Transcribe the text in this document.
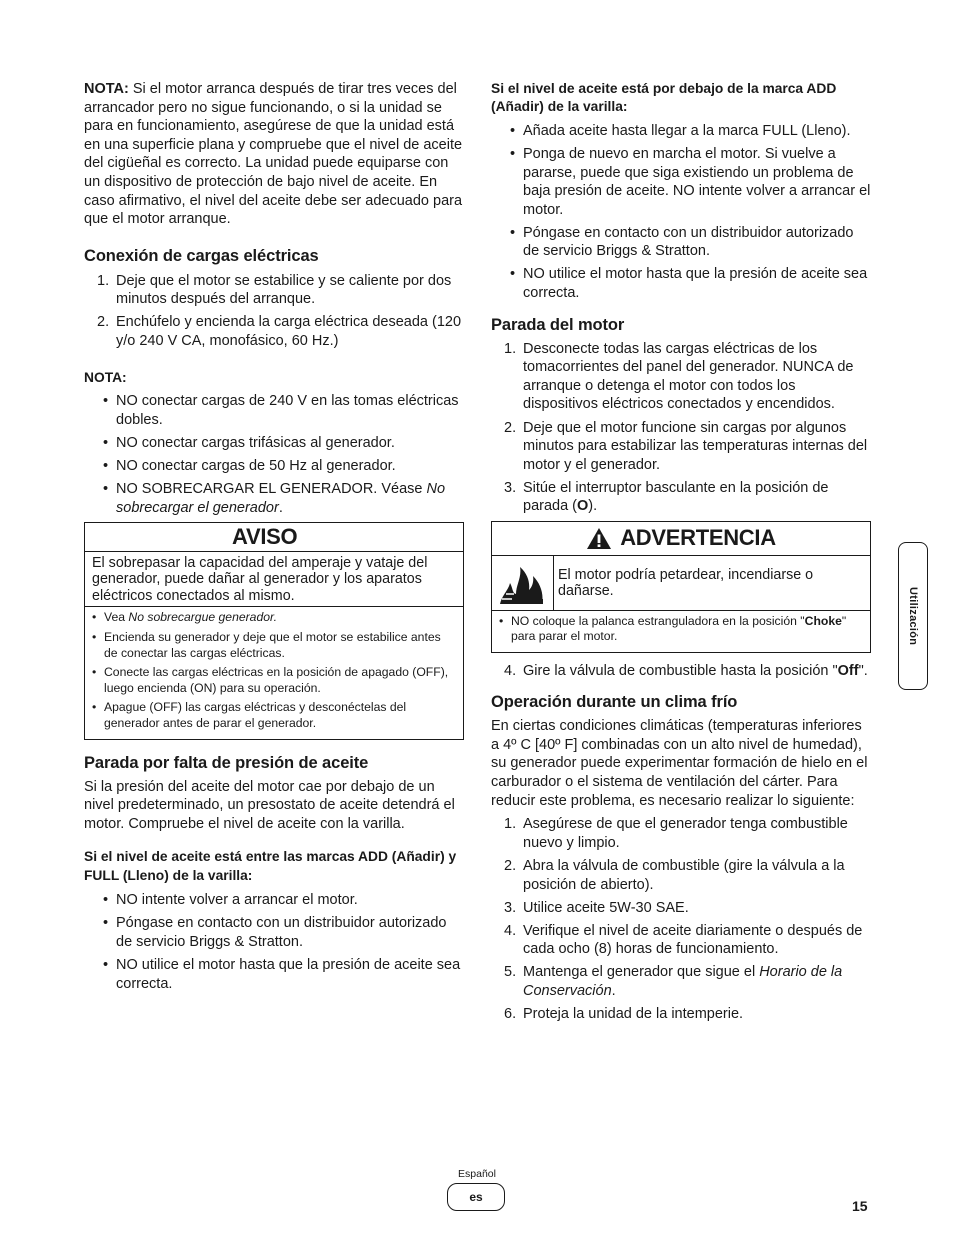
NOTA: Si el motor arranca después de tirar tres veces del arrancador pero no sigue funcionando, o si la unidad se para en funcionamiento, asegúrese de que la unidad está en una superficie plana y compruebe que el nivel de aceite del cigüeñal es correcto. La unidad puede equiparse con un dispositivo de protección de bajo nivel de aceite. En caso afirmativo, el nivel del aceite debe ser adecuado para que el motor arranque.

Conexión de cargas eléctricas
1. Deje que el motor se estabilice y se caliente por dos minutos después del arranque.
2. Enchúfelo y encienda la carga eléctrica deseada (120 y/o 240 V CA, monofásico, 60 Hz.)
NOTA:
• NO conectar cargas de 240 V en las tomas eléctricas dobles.
• NO conectar cargas trifásicas al generador.
• NO conectar cargas de 50 Hz al generador.
• NO SOBRECARGAR EL GENERADOR. Véase No sobrecargar el generador.
AVISO
El sobrepasar la capacidad del amperaje y vataje del generador, puede dañar al generador y los aparatos eléctricos conectados al mismo.
• Vea No sobrecargue generador.
• Encienda su generador y deje que el motor se estabilice antes de conectar las cargas eléctricas.
• Conecte las cargas eléctricas en la posición de apagado (OFF), luego encienda (ON) para su operación.
• Apague (OFF) las cargas eléctricas y desconéctelas del generador antes de parar el generador.
Parada por falta de presión de aceite

Si la presión del aceite del motor cae por debajo de un nivel predeterminado, un presostato de aceite detendrá el motor. Compruebe el nivel de aceite con la varilla.

Si el nivel de aceite está entre las marcas ADD (Añadir) y FULL (Lleno) de la varilla:
• NO intente volver a arrancar el motor.
• Póngase en contacto con un distribuidor autorizado de servicio Briggs & Stratton.
• NO utilice el motor hasta que la presión de aceite sea correcta.
Si el nivel de aceite está por debajo de la marca ADD (Añadir) de la varilla:
• Añada aceite hasta llegar a la marca FULL (Lleno).
• Ponga de nuevo en marcha el motor. Si vuelve a pararse, puede que siga existiendo un problema de baja presión de aceite. NO intente volver a arrancar el motor.
• Póngase en contacto con un distribuidor autorizado de servicio Briggs & Stratton.
• NO utilice el motor hasta que la presión de aceite sea correcta.
Parada del motor
1. Desconecte todas las cargas eléctricas de los tomacorrientes del panel del generador. NUNCA de arranque o detenga el motor con todos los dispositivos eléctricos conectados y encendidos.
2. Deje que el motor funcione sin cargas por algunos minutos para estabilizar las temperaturas internas del motor y el generador.
3. Sitúe el interruptor basculante en la posición de parada (O).
ADVERTENCIA
El motor podría petardear, incendiarse o dañarse.
• NO coloque la palanca estranguladora en la posición "Choke" para parar el motor.
4. Gire la válvula de combustible hasta la posición "Off".
Operación durante un clima frío

En ciertas condiciones climáticas (temperaturas inferiores a 4º C [40º F] combinadas con un alto nivel de humedad), su generador puede experimentar formación de hielo en el carburador o el sistema de ventilación del cárter. Para reducir este problema, es necesario realizar lo siguiente:

1. Asegúrese de que el generador tenga combustible nuevo y limpio.
2. Abra la válvula de combustible (gire la válvula a la posición de abierto).
3. Utilice aceite 5W-30 SAE.
4. Verifique el nivel de aceite diariamente o después de cada ocho (8) horas de funcionamiento.
5. Mantenga el generador que sigue el Horario de la Conservación.
6. Proteja la unidad de la intemperie.
Utilización
Español
es
15
